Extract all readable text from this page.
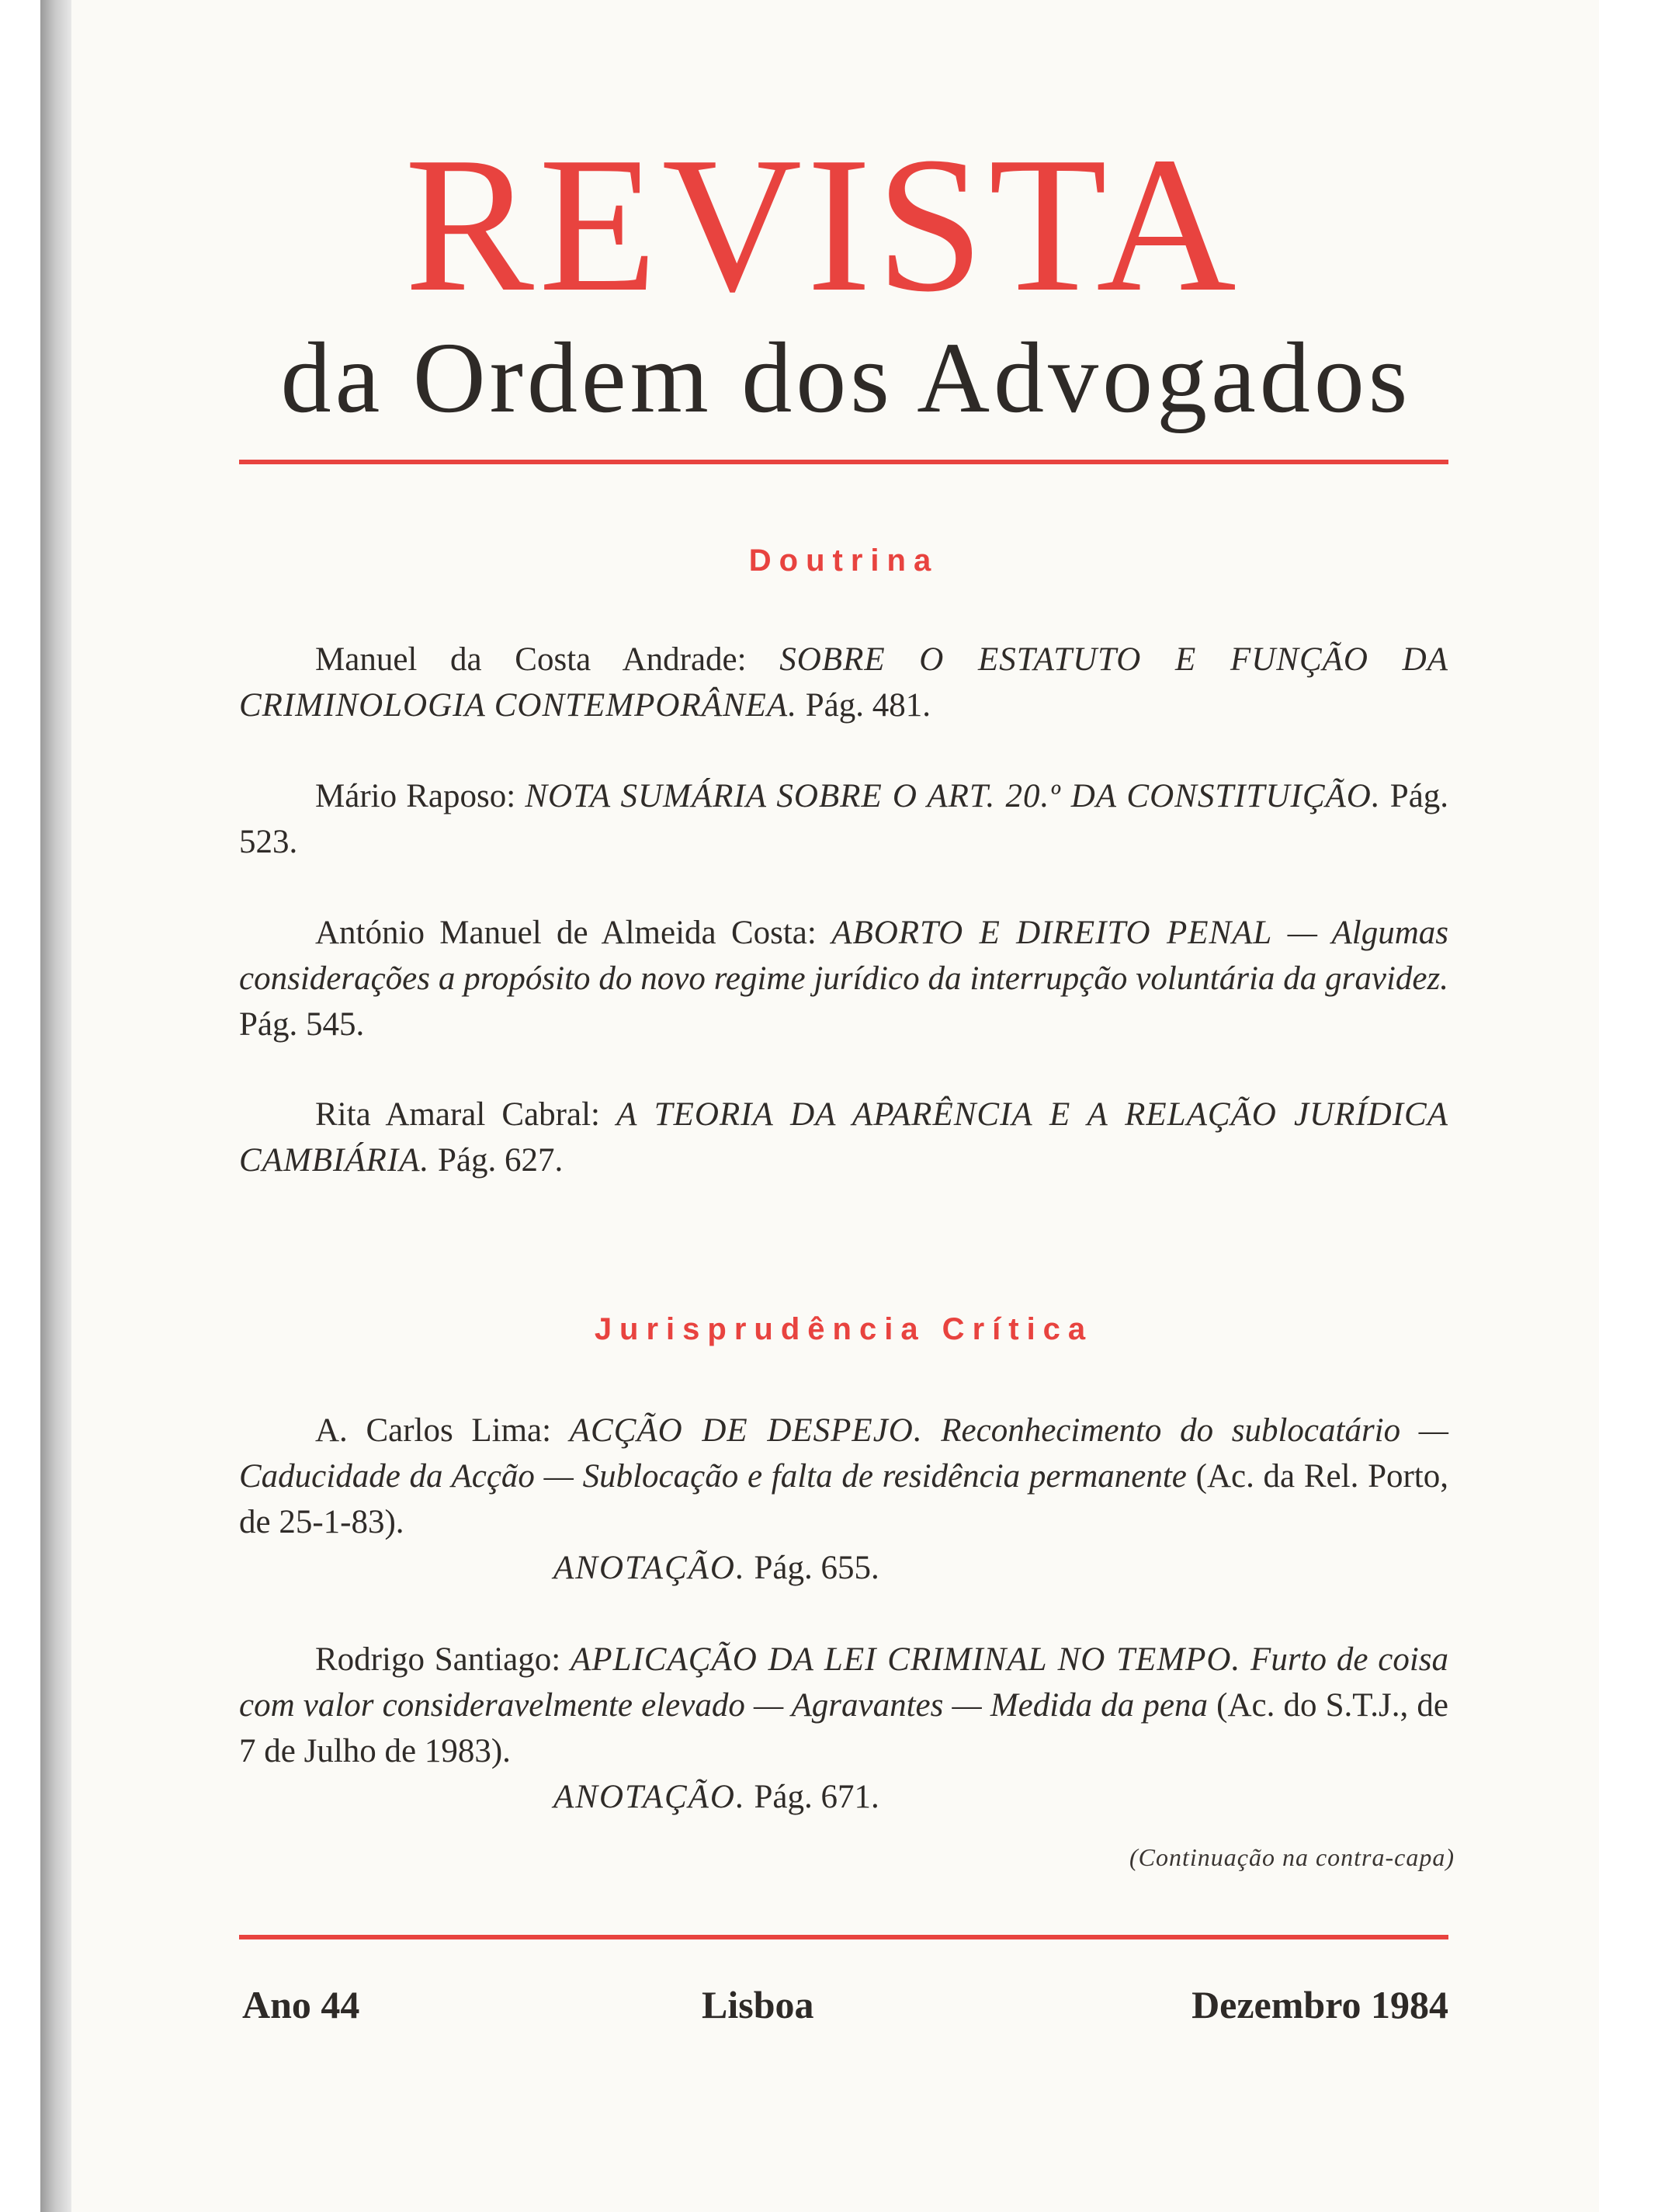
REVISTA
da Ordem dos Advogados
Doutrina
Manuel da Costa Andrade: SOBRE O ESTATUTO E FUNÇÃO DA CRIMINOLOGIA CONTEMPORÂNEA. Pág. 481.
Mário Raposo: NOTA SUMÁRIA SOBRE O ART. 20.º DA CONSTITUIÇÃO. Pág. 523.
António Manuel de Almeida Costa: ABORTO E DIREITO PENAL — Algumas considerações a propósito do novo regime jurídico da interrupção voluntária da gravidez. Pág. 545.
Rita Amaral Cabral: A TEORIA DA APARÊNCIA E A RELAÇÃO JURÍDICA CAMBIÁRIA. Pág. 627.
Jurisprudência Crítica
A. Carlos Lima: ACÇÃO DE DESPEJO. Reconhecimento do sublocatário — Caducidade da Acção — Sublocação e falta de residência permanente (Ac. da Rel. Porto, de 25-1-83).
ANOTAÇÃO. Pág. 655.
Rodrigo Santiago: APLICAÇÃO DA LEI CRIMINAL NO TEMPO. Furto de coisa com valor consideravelmente elevado — Agravantes — Medida da pena (Ac. do S.T.J., de 7 de Julho de 1983).
ANOTAÇÃO. Pág. 671.
(Continuação na contra-capa)
Ano 44	Lisboa	Dezembro 1984
